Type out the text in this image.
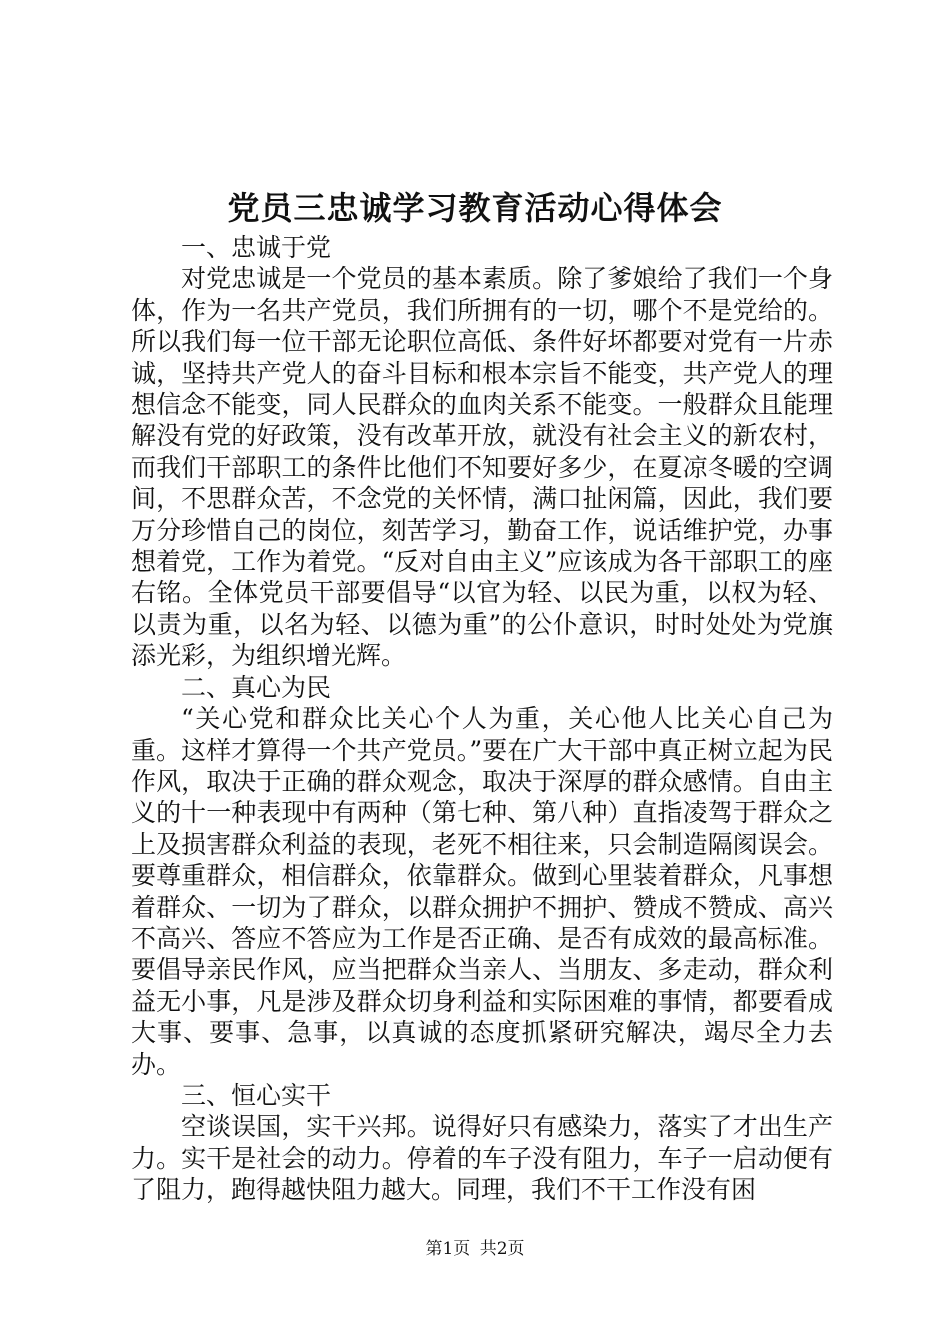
党员三忠诚学习教育活动心得体会

一、忠诚于党

对党忠诚是一个党员的基本素质。除了爹娘给了我们一个身体，作为一名共产党员，我们所拥有的一切，哪个不是党给的。所以我们每一位干部无论职位高低、条件好坏都要对党有一片赤诚，坚持共产党人的奋斗目标和根本宗旨不能变，共产党人的理想信念不能变，同人民群众的血肉关系不能变。一般群众且能理解没有党的好政策，没有改革开放，就没有社会主义的新农村，而我们干部职工的条件比他们不知要好多少，在夏凉冬暖的空调间，不思群众苦，不念党的关怀情，满口扯闲篇，因此，我们要万分珍惜自己的岗位，刻苦学习，勤奋工作，说话维护党，办事想着党，工作为着党。“反对自由主义”应该成为各干部职工的座右铭。全体党员干部要倡导“以官为轻、以民为重，以权为轻、以责为重，以名为轻、以德为重”的公仆意识，时时处处为党旗添光彩，为组织增光辉。

二、真心为民

“关心党和群众比关心个人为重，关心他人比关心自己为重。这样才算得一个共产党员。”要在广大干部中真正树立起为民作风，取决于正确的群众观念，取决于深厚的群众感情。自由主义的十一种表现中有两种（第七种、第八种）直指凌驾于群众之上及损害群众利益的表现，老死不相往来，只会制造隔阂误会。要尊重群众，相信群众，依靠群众。做到心里装着群众，凡事想着群众、一切为了群众，以群众拥护不拥护、赞成不赞成、高兴不高兴、答应不答应为工作是否正确、是否有成效的最高标准。要倡导亲民作风，应当把群众当亲人、当朋友、多走动，群众利益无小事，凡是涉及群众切身利益和实际困难的事情，都要看成大事、要事、急事，以真诚的态度抓紧研究解决，竭尽全力去办。

三、恒心实干

空谈误国，实干兴邦。说得好只有感染力，落实了才出生产力。实干是社会的动力。停着的车子没有阻力，车子一启动便有了阻力，跑得越快阻力越大。同理，我们不干工作没有困

第1页 共2页
